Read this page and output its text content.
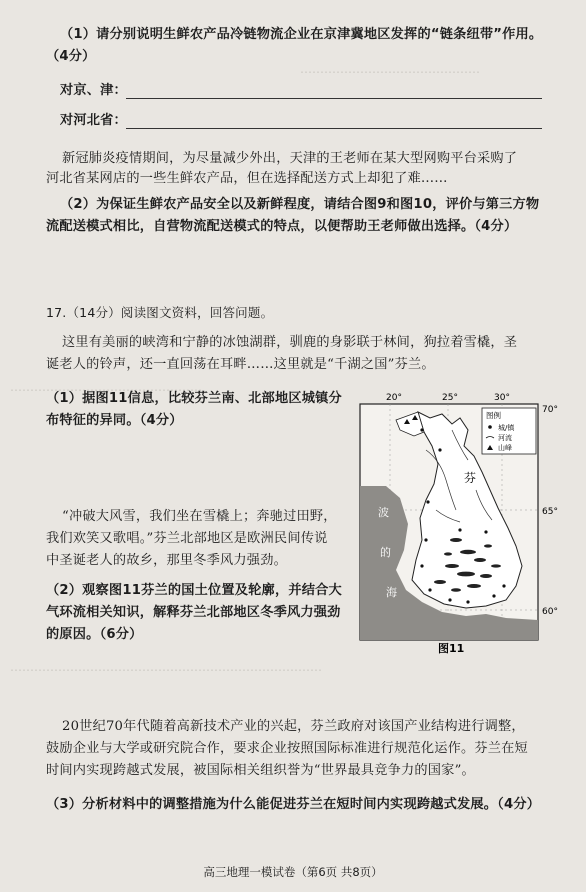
………………………………………
…………………………………………
……………………………………………………………………
（1）请分别说明生鲜农产品冷链物流企业在京津冀地区发挥的“链条纽带”作用。
（4分）
对京、津：
对河北省：
新冠肺炎疫情期间，为尽量减少外出，天津的王老师在某大型网购平台采购了
河北省某网店的一些生鲜农产品，但在选择配送方式上却犯了难……
（2）为保证生鲜农产品安全以及新鲜程度，请结合图9和图10，评价与第三方物
流配送模式相比，自营物流配送模式的特点，以便帮助王老师做出选择。（4分）
17.（14分）阅读图文资料，回答问题。
这里有美丽的峡湾和宁静的冰蚀湖群，驯鹿的身影联于林间，狗拉着雪橇，圣
诞老人的铃声，还一直回荡在耳畔……这里就是“千湖之国”芬兰。
（1）据图11信息，比较芬兰南、北部地区城镇分
布特征的异同。（4分）
“冲破大风雪，我们坐在雪橇上；奔驰过田野，
我们欢笑又歌唱。”芬兰北部地区是欧洲民间传说
中圣诞老人的故乡，那里冬季风力强劲。
（2）观察图11芬兰的国土位置及轮廓，并结合大
气环流相关知识，解释芬兰北部地区冬季风力强劲
的原因。（6分）
20°	25°	30°
70°
65°
60°
芬
波
的
海
图例
城/镇
河流
山峰
图11
20世纪70年代随着高新技术产业的兴起，芬兰政府对该国产业结构进行调整，
鼓励企业与大学或研究院合作，要求企业按照国际标准进行规范化运作。芬兰在短
时间内实现跨越式发展，被国际相关组织誉为“世界最具竞争力的国家”。
（3）分析材料中的调整措施为什么能促进芬兰在短时间内实现跨越式发展。（4分）
高三地理一模试卷（第6页 共8页）
